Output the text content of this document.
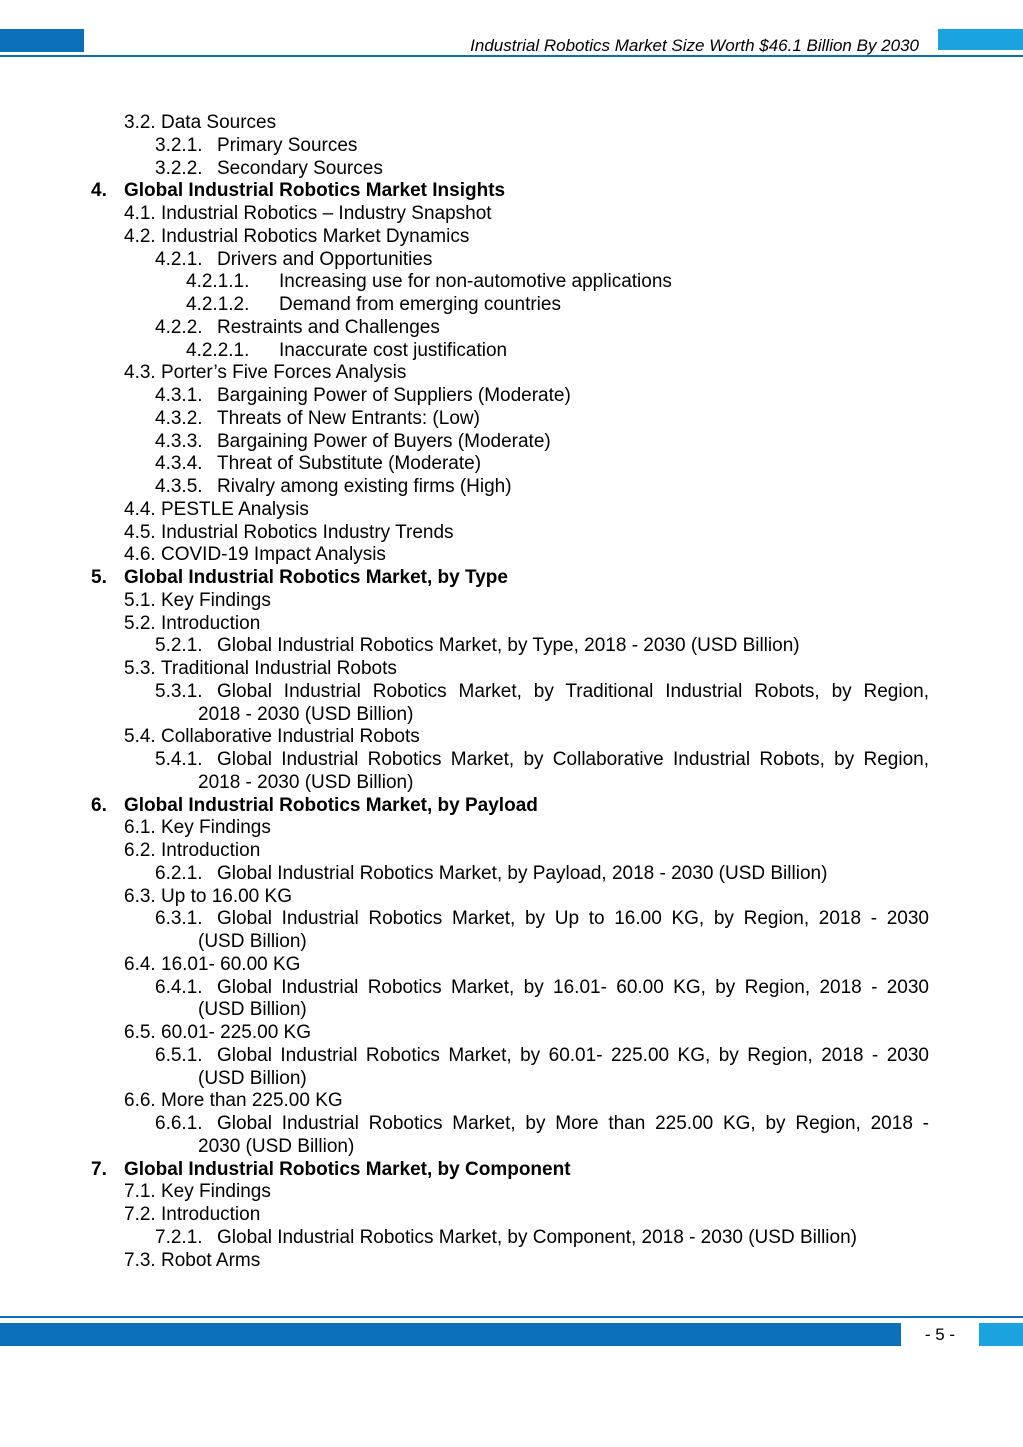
Industrial Robotics Market Size Worth $46.1 Billion By 2030
3.2. Data Sources
3.2.1. Primary Sources
3.2.2. Secondary Sources
4. Global Industrial Robotics Market Insights
4.1. Industrial Robotics – Industry Snapshot
4.2. Industrial Robotics Market Dynamics
4.2.1. Drivers and Opportunities
4.2.1.1. Increasing use for non-automotive applications
4.2.1.2. Demand from emerging countries
4.2.2. Restraints and Challenges
4.2.2.1. Inaccurate cost justification
4.3. Porter’s Five Forces Analysis
4.3.1. Bargaining Power of Suppliers (Moderate)
4.3.2. Threats of New Entrants: (Low)
4.3.3. Bargaining Power of Buyers (Moderate)
4.3.4. Threat of Substitute (Moderate)
4.3.5. Rivalry among existing firms (High)
4.4. PESTLE Analysis
4.5. Industrial Robotics Industry Trends
4.6. COVID-19 Impact Analysis
5. Global Industrial Robotics Market, by Type
5.1. Key Findings
5.2. Introduction
5.2.1. Global Industrial Robotics Market, by Type, 2018 - 2030 (USD Billion)
5.3. Traditional Industrial Robots
5.3.1. Global Industrial Robotics Market, by Traditional Industrial Robots, by Region,
2018 - 2030 (USD Billion)
5.4. Collaborative Industrial Robots
5.4.1. Global Industrial Robotics Market, by Collaborative Industrial Robots, by Region,
2018 - 2030 (USD Billion)
6. Global Industrial Robotics Market, by Payload
6.1. Key Findings
6.2. Introduction
6.2.1. Global Industrial Robotics Market, by Payload, 2018 - 2030 (USD Billion)
6.3. Up to 16.00 KG
6.3.1. Global Industrial Robotics Market, by Up to 16.00 KG, by Region, 2018 - 2030
(USD Billion)
6.4. 16.01- 60.00 KG
6.4.1. Global Industrial Robotics Market, by 16.01- 60.00 KG, by Region, 2018 - 2030
(USD Billion)
6.5. 60.01- 225.00 KG
6.5.1. Global Industrial Robotics Market, by 60.01- 225.00 KG, by Region, 2018 - 2030
(USD Billion)
6.6. More than 225.00 KG
6.6.1. Global Industrial Robotics Market, by More than 225.00 KG, by Region, 2018 -
2030 (USD Billion)
7. Global Industrial Robotics Market, by Component
7.1. Key Findings
7.2. Introduction
7.2.1. Global Industrial Robotics Market, by Component, 2018 - 2030 (USD Billion)
7.3. Robot Arms
- 5 -
